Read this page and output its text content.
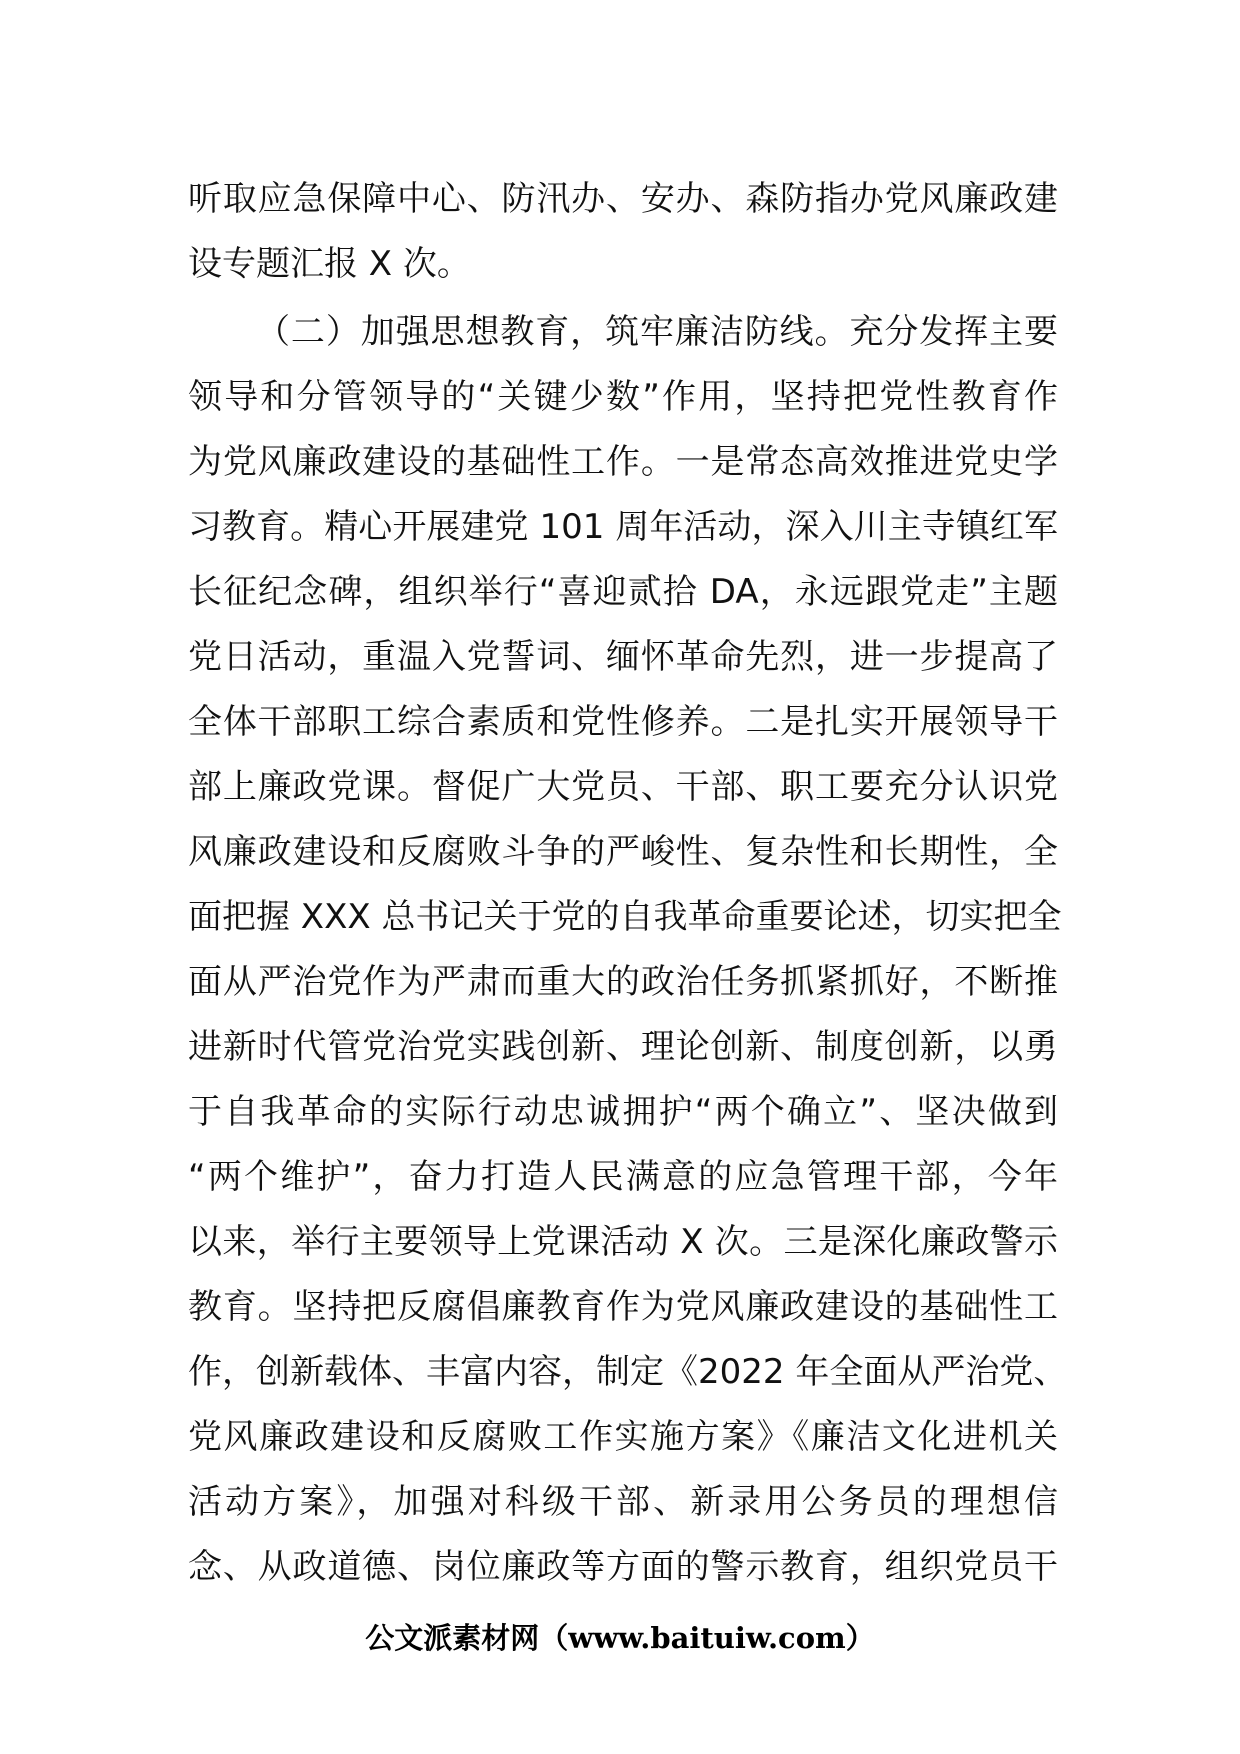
听取应急保障中心、防汛办、安办、森防指办党风廉政建
设专题汇报 X 次。
（二）加强思想教育，筑牢廉洁防线。充分发挥主要
领导和分管领导的“关键少数”作用，坚持把党性教育作
为党风廉政建设的基础性工作。一是常态高效推进党史学
习教育。精心开展建党 101 周年活动，深入川主寺镇红军
长征纪念碑，组织举行“喜迎贰拾 DA，永远跟党走”主题
党日活动，重温入党誓词、缅怀革命先烈，进一步提高了
全体干部职工综合素质和党性修养。二是扎实开展领导干
部上廉政党课。督促广大党员、干部、职工要充分认识党
风廉政建设和反腐败斗争的严峻性、复杂性和长期性，全
面把握 XXX 总书记关于党的自我革命重要论述，切实把全
面从严治党作为严肃而重大的政治任务抓紧抓好，不断推
进新时代管党治党实践创新、理论创新、制度创新，以勇
于自我革命的实际行动忠诚拥护“两个确立”、坚决做到
“两个维护”，奋力打造人民满意的应急管理干部，今年
以来，举行主要领导上党课活动 X 次。三是深化廉政警示
教育。坚持把反腐倡廉教育作为党风廉政建设的基础性工
作，创新载体、丰富内容，制定《2022 年全面从严治党、
党风廉政建设和反腐败工作实施方案》《廉洁文化进机关
活动方案》，加强对科级干部、新录用公务员的理想信
念、从政道德、岗位廉政等方面的警示教育，组织党员干
公文派素材网（www.baituiw.com）
